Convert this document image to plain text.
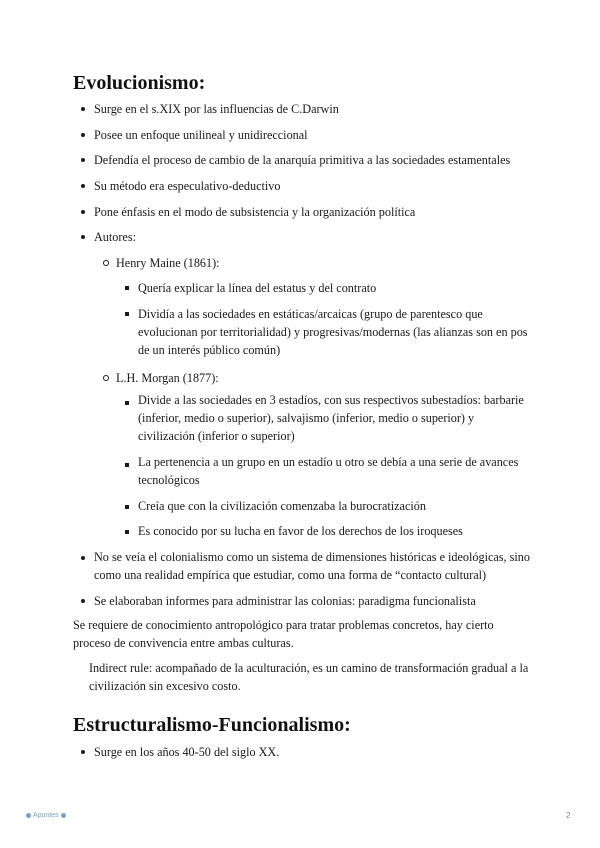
Evolucionismo:
Surge en el s.XIX por las influencias de C.Darwin
Posee un enfoque unilineal y unidireccional
Defendía el proceso de cambio de la anarquía primitiva a las sociedades estamentales
Su método era especulativo-deductivo
Pone énfasis en el modo de subsistencia y la organización política
Autores:
Henry Maine (1861):
Quería explicar la línea del estatus y del contrato
Dividía a las sociedades en estáticas/arcaicas (grupo de parentesco que
evolucionan por territorialidad) y progresivas/modernas (las alianzas son en pos
de un interés público común)
L.H. Morgan (1877):
Divide a las sociedades en 3 estadíos, con sus respectivos subestadíos: barbarie
(inferior, medio o superior), salvajismo (inferior, medio o superior) y
civilización (inferior o superior)
La pertenencia a un grupo en un estadío u otro se debía a una serie de avances
tecnológicos
Creía que con la civilización comenzaba la burocratización
Es conocido por su lucha en favor de los derechos de los iroqueses
No se veía el colonialismo como un sistema de dimensiones históricas e ideológicas, sino
como una realidad empírica que estudiar, como una forma de “contacto cultural)
Se elaboraban informes para administrar las colonias: paradigma funcionalista
Se requiere de conocimiento antropológico para tratar problemas concretos, hay cierto
proceso de convivencia entre ambas culturas.
Indirect rule: acompañado de la aculturación, es un camino de transformación gradual a la
civilización sin excesivo costo.
Estructuralismo-Funcionalismo:
Surge en los años 40-50 del siglo XX.
Apuntes	2
